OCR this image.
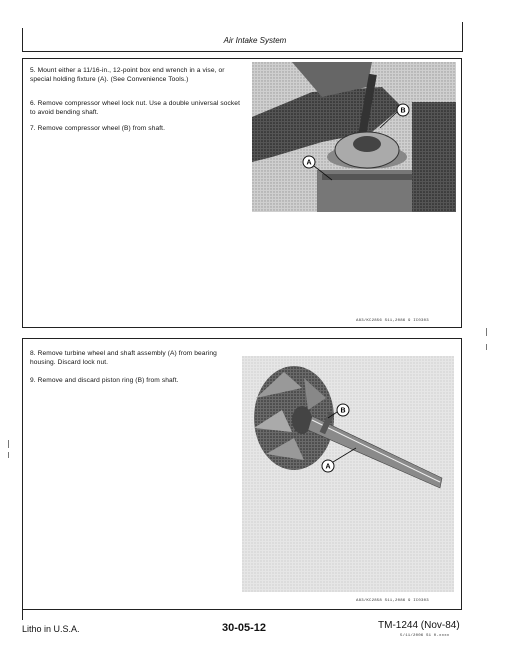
Air Intake System
5. Mount either a 11/16-in., 12-point box end wrench in a vise, or special holding fixture (A). (See Convenience Tools.)
6. Remove compressor wheel lock nut. Use a double universal socket to avoid bending shaft.
7. Remove compressor wheel (B) from shaft.
B
A
A83/KC2856 S11,2086 9 IC0303
8. Remove turbine wheel and shaft assembly (A) from bearing housing. Discard lock nut.
9. Remove and discard piston ring (B) from shaft.
B
A
A83/KC2858 S11,2086 9 IC0303
Litho in U.S.A.	30-05-12	TM-1244 (Nov-84)
5/11/2006 S1 0-xxxx
